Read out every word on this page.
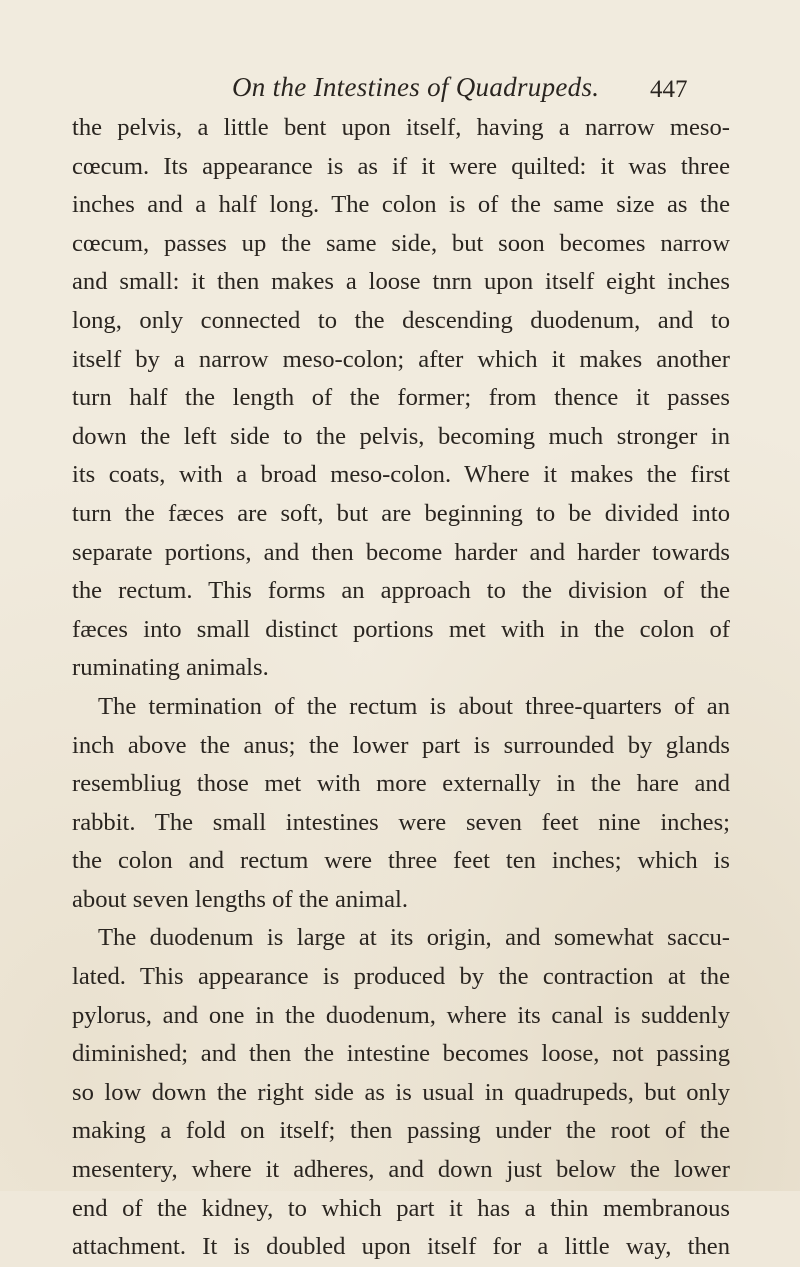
On the Intestines of Quadrupeds. 447
the pelvis, a little bent upon itself, having a narrow meso-
cœcum. Its appearance is as if it were quilted: it was three
inches and a half long. The colon is of the same size as the
cœcum, passes up the same side, but soon becomes narrow
and small: it then makes a loose tnrn upon itself eight inches
long, only connected to the descending duodenum, and to
itself by a narrow meso-colon; after which it makes another
turn half the length of the former; from thence it passes
down the left side to the pelvis, becoming much stronger in
its coats, with a broad meso-colon. Where it makes the first
turn the fæces are soft, but are beginning to be divided into
separate portions, and then become harder and harder towards
the rectum. This forms an approach to the division of the
fæces into small distinct portions met with in the colon of
ruminating animals.
The termination of the rectum is about three-quarters of an
inch above the anus; the lower part is surrounded by glands
resembliug those met with more externally in the hare and
rabbit. The small intestines were seven feet nine inches;
the colon and rectum were three feet ten inches; which is
about seven lengths of the animal.
The duodenum is large at its origin, and somewhat saccu-
lated. This appearance is produced by the contraction at the
pylorus, and one in the duodenum, where its canal is suddenly
diminished; and then the intestine becomes loose, not passing
so low down the right side as is usual in quadrupeds, but only
making a fold on itself; then passing under the root of the
mesentery, where it adheres, and down just below the lower
end of the kidney, to which part it has a thin membranous
attachment. It is doubled upon itself for a little way, then
